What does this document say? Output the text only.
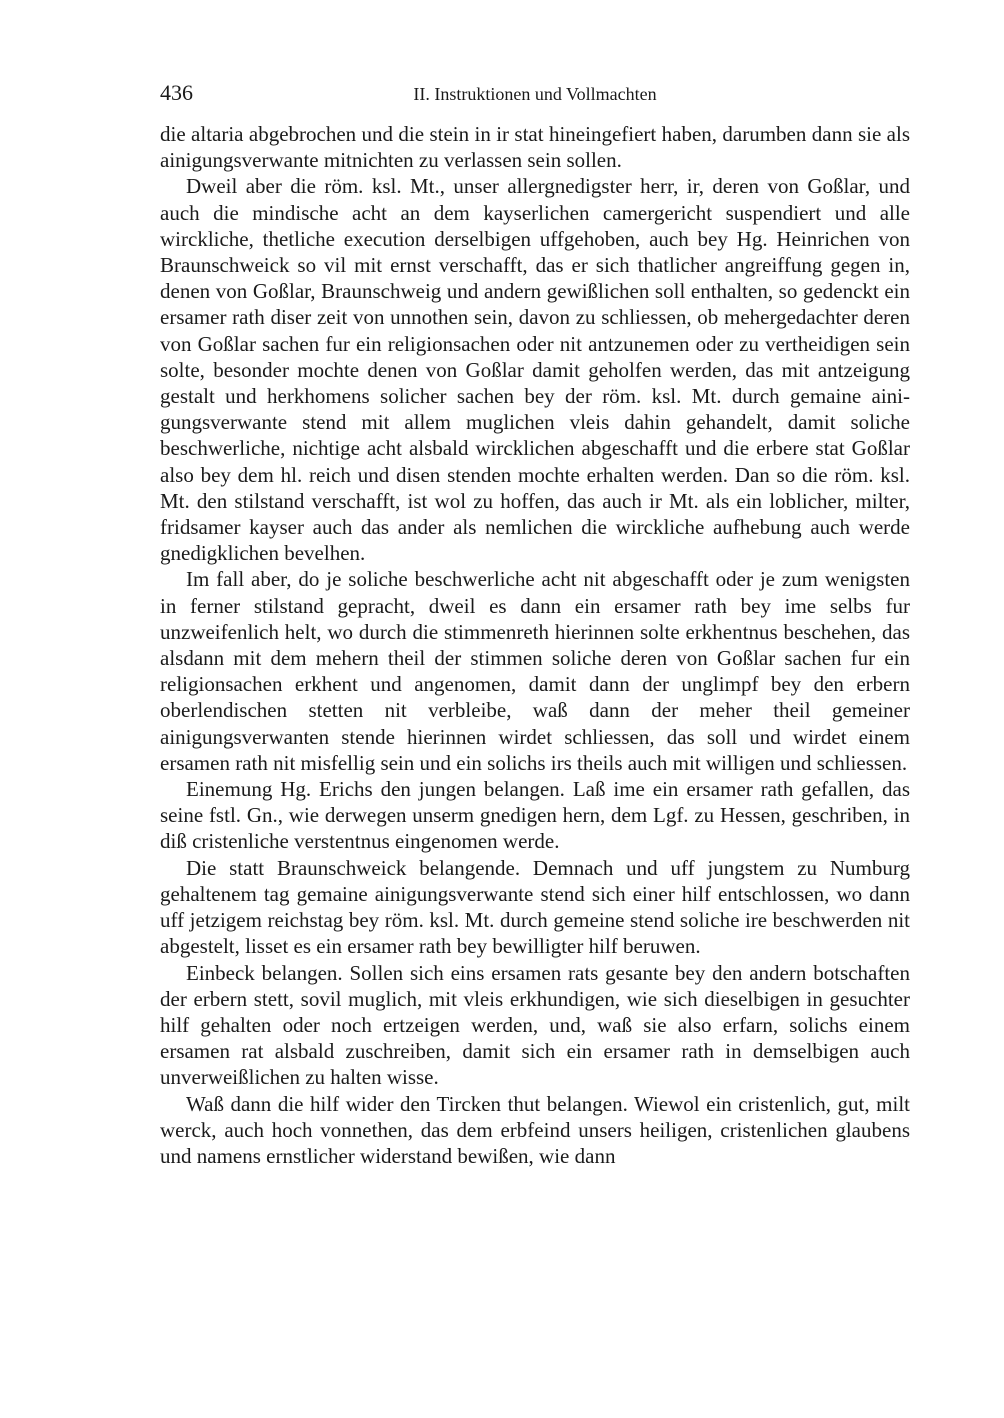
436	II. Instruktionen und Vollmachten

die altaria abgebrochen und die stein in ir stat hineingefiert haben, darumben dann sie als ainigungsverwante mitnichten zu verlassen sein sollen.

Dweil aber die röm. ksl. Mt., unser allergnedigster herr, ir, deren von Goßlar, und auch die mindische acht an dem kayserlichen camergericht suspendiert und alle wirckliche, thetliche execution derselbigen uffgehoben, auch bey Hg. Heinrichen von Braunschweick so vil mit ernst verschafft, das er sich thatlicher angreiffung gegen in, denen von Goßlar, Braunschweig und andern gewißlichen soll enthalten, so gedenckt ein ersamer rath diser zeit von unnothen sein, davon zu schliessen, ob mehergedachter deren von Goßlar sachen fur ein religionsachen oder nit antzunemen oder zu vertheidigen sein solte, besonder mochte denen von Goßlar damit geholfen werden, das mit antzeigung gestalt und herkhomens solicher sachen bey der röm. ksl. Mt. durch gemaine ainigungsverwante stend mit allem muglichen vleis dahin gehandelt, damit soliche beschwerliche, nichtige acht alsbald wircklichen abgeschafft und die erbere stat Goßlar also bey dem hl. reich und disen stenden mochte erhalten werden. Dan so die röm. ksl. Mt. den stilstand verschafft, ist wol zu hoffen, das auch ir Mt. als ein loblicher, milter, fridsamer kayser auch das ander als nemlichen die wirckliche aufhebung auch werde gnedigklichen bevelhen.

Im fall aber, do je soliche beschwerliche acht nit abgeschafft oder je zum wenigsten in ferner stilstand gepracht, dweil es dann ein ersamer rath bey ime selbs fur unzweifenlich helt, wo durch die stimmenreth hierinnen solte erkhentnus beschehen, das alsdann mit dem mehern theil der stimmen soliche deren von Goßlar sachen fur ein religionsachen erkhent und angenomen, damit dann der unglimpf bey den erbern oberlendischen stetten nit verbleibe, waß dann der meher theil gemeiner ainigungsverwanten stende hierinnen wirdet schliessen, das soll und wirdet einem ersamen rath nit misfellig sein und ein solichs irs theils auch mit willigen und schliessen.

Einemung Hg. Erichs den jungen belangen. Laß ime ein ersamer rath gefallen, das seine fstl. Gn., wie derwegen unserm gnedigen hern, dem Lgf. zu Hessen, geschriben, in diß cristenliche verstentnus eingenomen werde.

Die statt Braunschweick belangende. Demnach und uff jungstem zu Numburg gehaltenem tag gemaine ainigungsverwante stend sich einer hilf entschlossen, wo dann uff jetzigem reichstag bey röm. ksl. Mt. durch gemeine stend soliche ire beschwerden nit abgestelt, lisset es ein ersamer rath bey bewilligter hilf beruwen.

Einbeck belangen. Sollen sich eins ersamen rats gesante bey den andern botschaften der erbern stett, sovil muglich, mit vleis erkhundigen, wie sich dieselbigen in gesuchter hilf gehalten oder noch ertzeigen werden, und, waß sie also erfarn, solichs einem ersamen rat alsbald zuschreiben, damit sich ein ersamer rath in demselbigen auch unverweißlichen zu halten wisse.

Waß dann die hilf wider den Tircken thut belangen. Wiewol ein cristenlich, gut, milt werck, auch hoch vonnethen, das dem erbfeind unsers heiligen, cristenlichen glaubens und namens ernstlicher widerstand bewißen, wie dann
